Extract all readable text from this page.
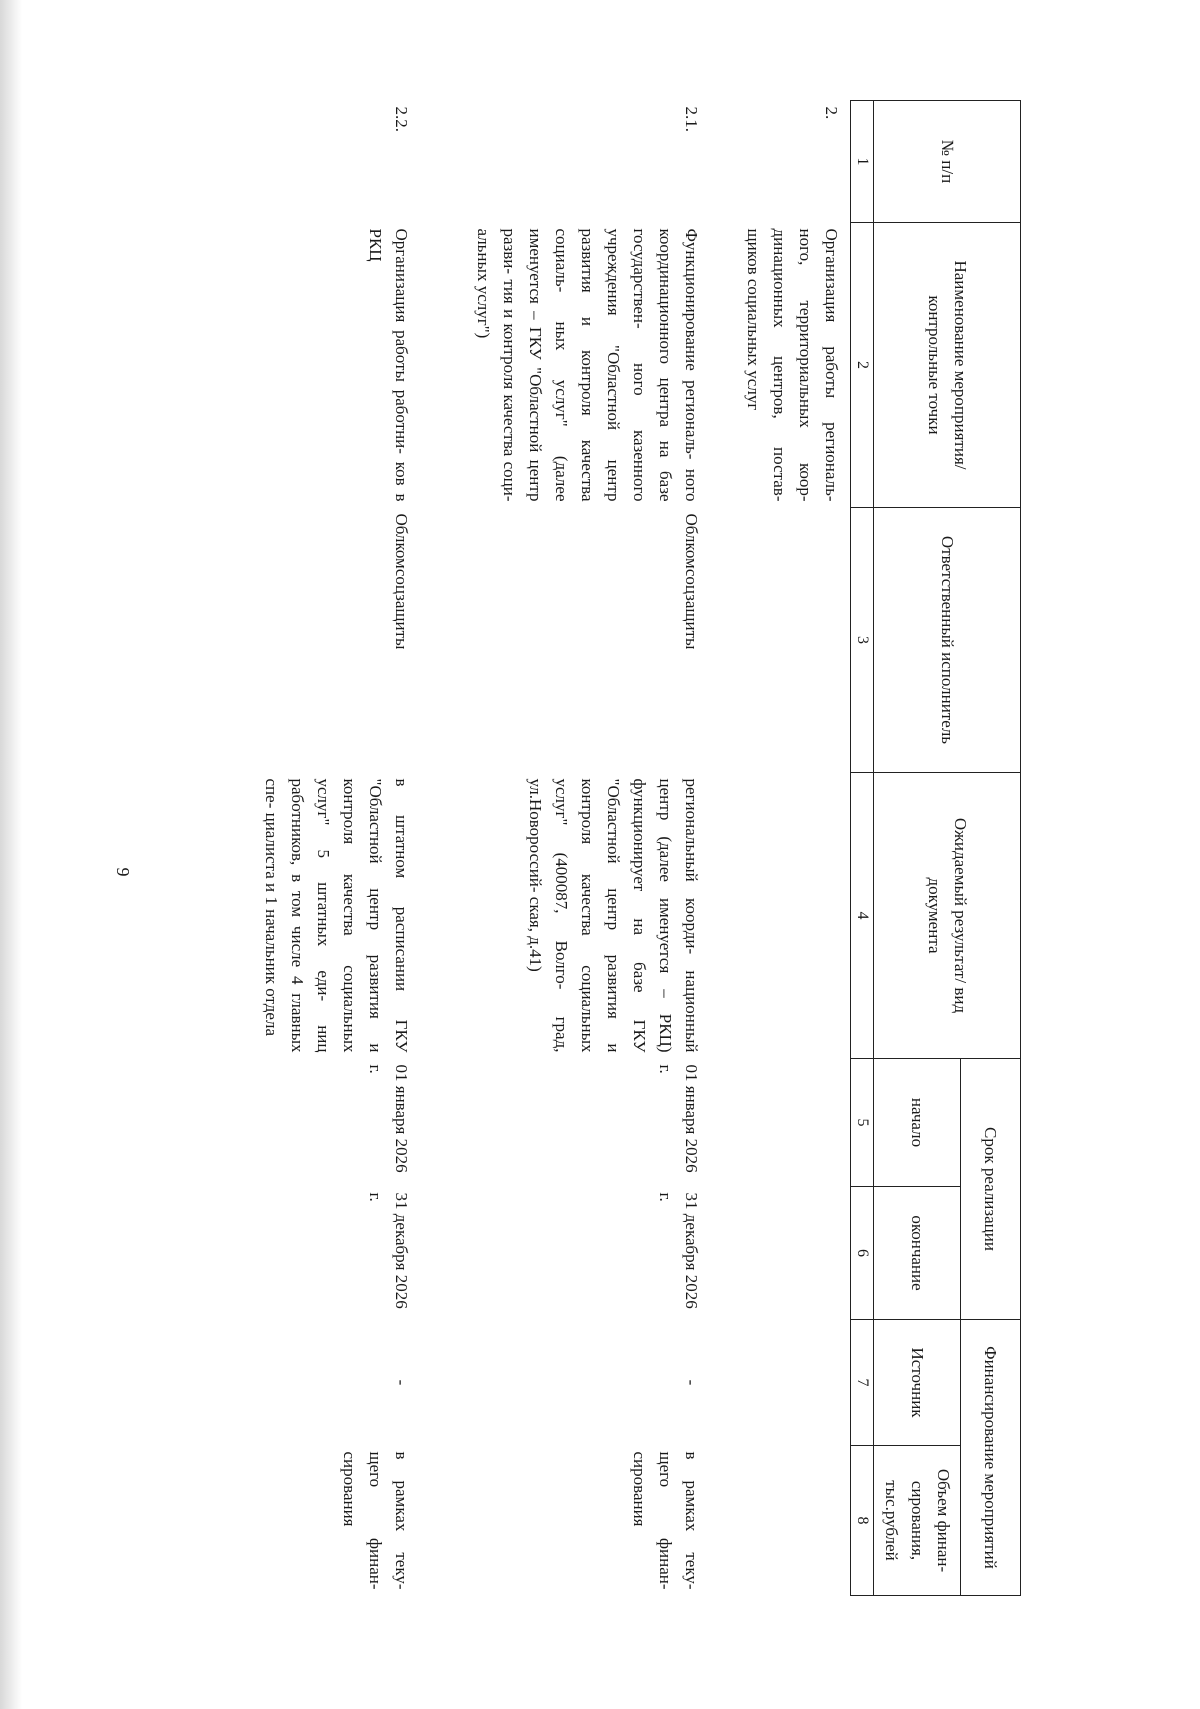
9
№ п/п	Наименование мероприятия/ контрольные точки	Ответственный исполнитель	Ожидаемый результат/ вид документа	Срок реализации		Финансирование мероприятий	
				начало	окончание	Источник	Объем финан- сирования, тыс.рублей
1	2	3	4	5	6	7	8

2.	Организация работы региональ- ного, территориальных коор- динационных центров, постав- щиков социальных услуг						
2.1.	Функционирование региональ- ного координационного центра на базе государствен- ного казенного учреждения "Областной центр развития и контроля качества социаль- ных услуг" (далее именуется – ГКУ "Областной центр разви- тия и контроля качества соци- альных услуг")	Облкомсоцзащиты	региональный коорди- национный центр (далее именуется – РКЦ) функционирует на базе ГКУ "Областной центр развития и контроля качества социальных услуг" (400087, Волго- град, ул.Новороссий- ская, д.41)	01 января 2026 г.	31 декабря 2026 г.	-	в рамках теку- щего финан- сирования
2.2.	Организация работы работни- ков в РКЦ	Облкомсоцзащиты	в штатном расписании ГКУ "Областной центр развития и контроля качества социальных услуг" 5 штатных еди- ниц работников, в том числе 4 главных спе- циалиста и 1 начальник отдела	01 января 2026 г.	31 декабря 2026 г.	-	в рамках теку- щего финан- сирования
